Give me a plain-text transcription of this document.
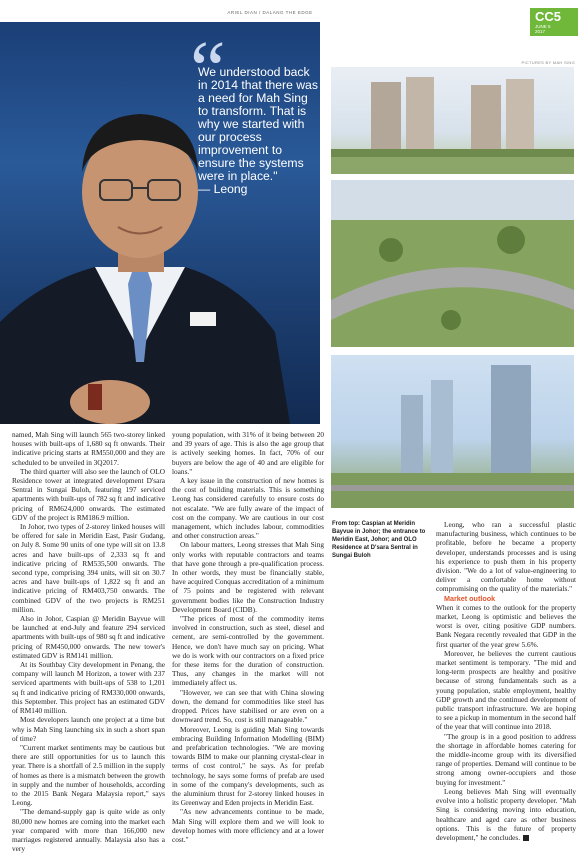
ARIEL DIAN / DALANG THE EDGE	CC5
JUNE 5
2017
“
We understood back in 2014 that there was a need for Mah Sing to transform. That is why we started with our process improvement to ensure the systems were in place."
— Leong
PICTURES BY MAH SING
From top: Caspian at Meridin Bayvue in Johor; the entrance to Meridin East, Johor; and OLO Residence at D'sara Sentral in Sungai Buloh

named, Mah Sing will launch 565 two-storey linked houses with built-ups of 1,680 sq ft onwards. Their indicative pricing starts at RM550,000 and they are scheduled to be unveiled in 3Q2017.

The third quarter will also see the launch of OLO Residence tower at integrated development D'sara Sentral in Sungai Buloh, featuring 197 serviced apartments with built-ups of 782 sq ft and indicative pricing of RM624,000 onwards. The estimated GDV of the project is RM186.9 million.

In Johor, two types of 2-storey linked houses will be offered for sale in Meridin East, Pasir Gudang, on July 8. Some 90 units of one type will sit on 13.8 acres and have built-ups of 2,333 sq ft and indicative pricing of RM535,500 onwards. The second type, comprising 394 units, will sit on 30.7 acres and have built-ups of 1,822 sq ft and an indicative pricing of RM403,750 onwards. The combined GDV of the two projects is RM251 million.

Also in Johor, Caspian @ Meridin Bayvue will be launched at end-July and feature 294 serviced apartments with built-ups of 980 sq ft and indicative pricing of RM450,000 onwards. The new tower's estimated GDV is RM141 million.

At its Southbay City development in Penang, the company will launch M Horizon, a tower with 237 serviced apartments with built-ups of 538 to 1,201 sq ft and indicative pricing of RM330,000 onwards, this September. This project has an estimated GDV of RM140 million.

Most developers launch one project at a time but why is Mah Sing launching six in such a short span of time?

"Current market sentiments may be cautious but there are still opportunities for us to launch this year. There is a shortfall of 2.5 million in the supply of homes as there is a mismatch between the growth in supply and the number of households, according to the 2015 Bank Negara Malaysia report," says Leong.

"The demand-supply gap is quite wide as only 80,000 new homes are coming into the market each year compared with more than 166,000 new marriages registered annually. Malaysia also has a very

young population, with 31% of it being between 20 and 39 years of age. This is also the age group that is actively seeking homes. In fact, 70% of our buyers are below the age of 40 and are eligible for loans."

A key issue in the construction of new homes is the cost of building materials. This is something Leong has considered carefully to ensure costs do not escalate. "We are fully aware of the impact of cost on the company. We are cautious in our cost management, which includes labour, commodities and other construction areas."

On labour matters, Leong stresses that Mah Sing only works with reputable contractors and teams that have gone through a pre-qualification process. In other words, they must be financially stable, have acquired Conquas accreditation of a minimum of 75 points and be registered with relevant government bodies like the Construction Industry Development Board (CIDB).

"The prices of most of the commodity items involved in construction, such as steel, diesel and cement, are semi-controlled by the government. Hence, we don't have much say on pricing. What we do is work with our contractors on a fixed price for these items for the duration of construction. Thus, any changes in the market will not immediately affect us.

"However, we can see that with China slowing down, the demand for commodities like steel has dropped. Prices have stabilised or are even on a downward trend. So, cost is still manageable."

Moreover, Leong is guiding Mah Sing towards embracing Building Information Modelling (BIM) and prefabrication technologies. "We are moving towards BIM to make our planning crystal-clear in terms of cost control," he says. As for prefab technology, he says some forms of prefab are used in some of the company's developments, such as the aluminium thrust for 2-storey linked houses in its Greenway and Eden projects in Meridin East.

"As new advancements continue to be made, Mah Sing will explore them and we will look to develop homes with more efficiency and at a lower cost."

Leong, who ran a successful plastic manufacturing business, which continues to be profitable, before he became a property developer, understands processes and is using his experience to push them in his property division. "We do a lot of value-engineering to deliver a comfortable home without compromising on the quality of the materials."

Market outlook

When it comes to the outlook for the property market, Leong is optimistic and believes the worst is over, citing positive GDP numbers. Bank Negara recently revealed that GDP in the first quarter of the year grew 5.6%.

Moreover, he believes the current cautious market sentiment is temporary. "The mid and long-term prospects are healthy and positive because of strong fundamentals such as a young population, stable employment, healthy GDP growth and the continued development of public transport infrastructure. We are hoping to see a pickup in momentum in the second half of the year that will continue into 2018.

"The group is in a good position to address the shortage in affordable homes catering for the middle-income group with its diversified range of properties. Demand will continue to be strong among owner-occupiers and those buying for investment."

Leong believes Mah Sing will eventually evolve into a holistic property developer. "Mah Sing is considering moving into education, healthcare and aged care as other business options. This is the future of property development," he concludes. E
